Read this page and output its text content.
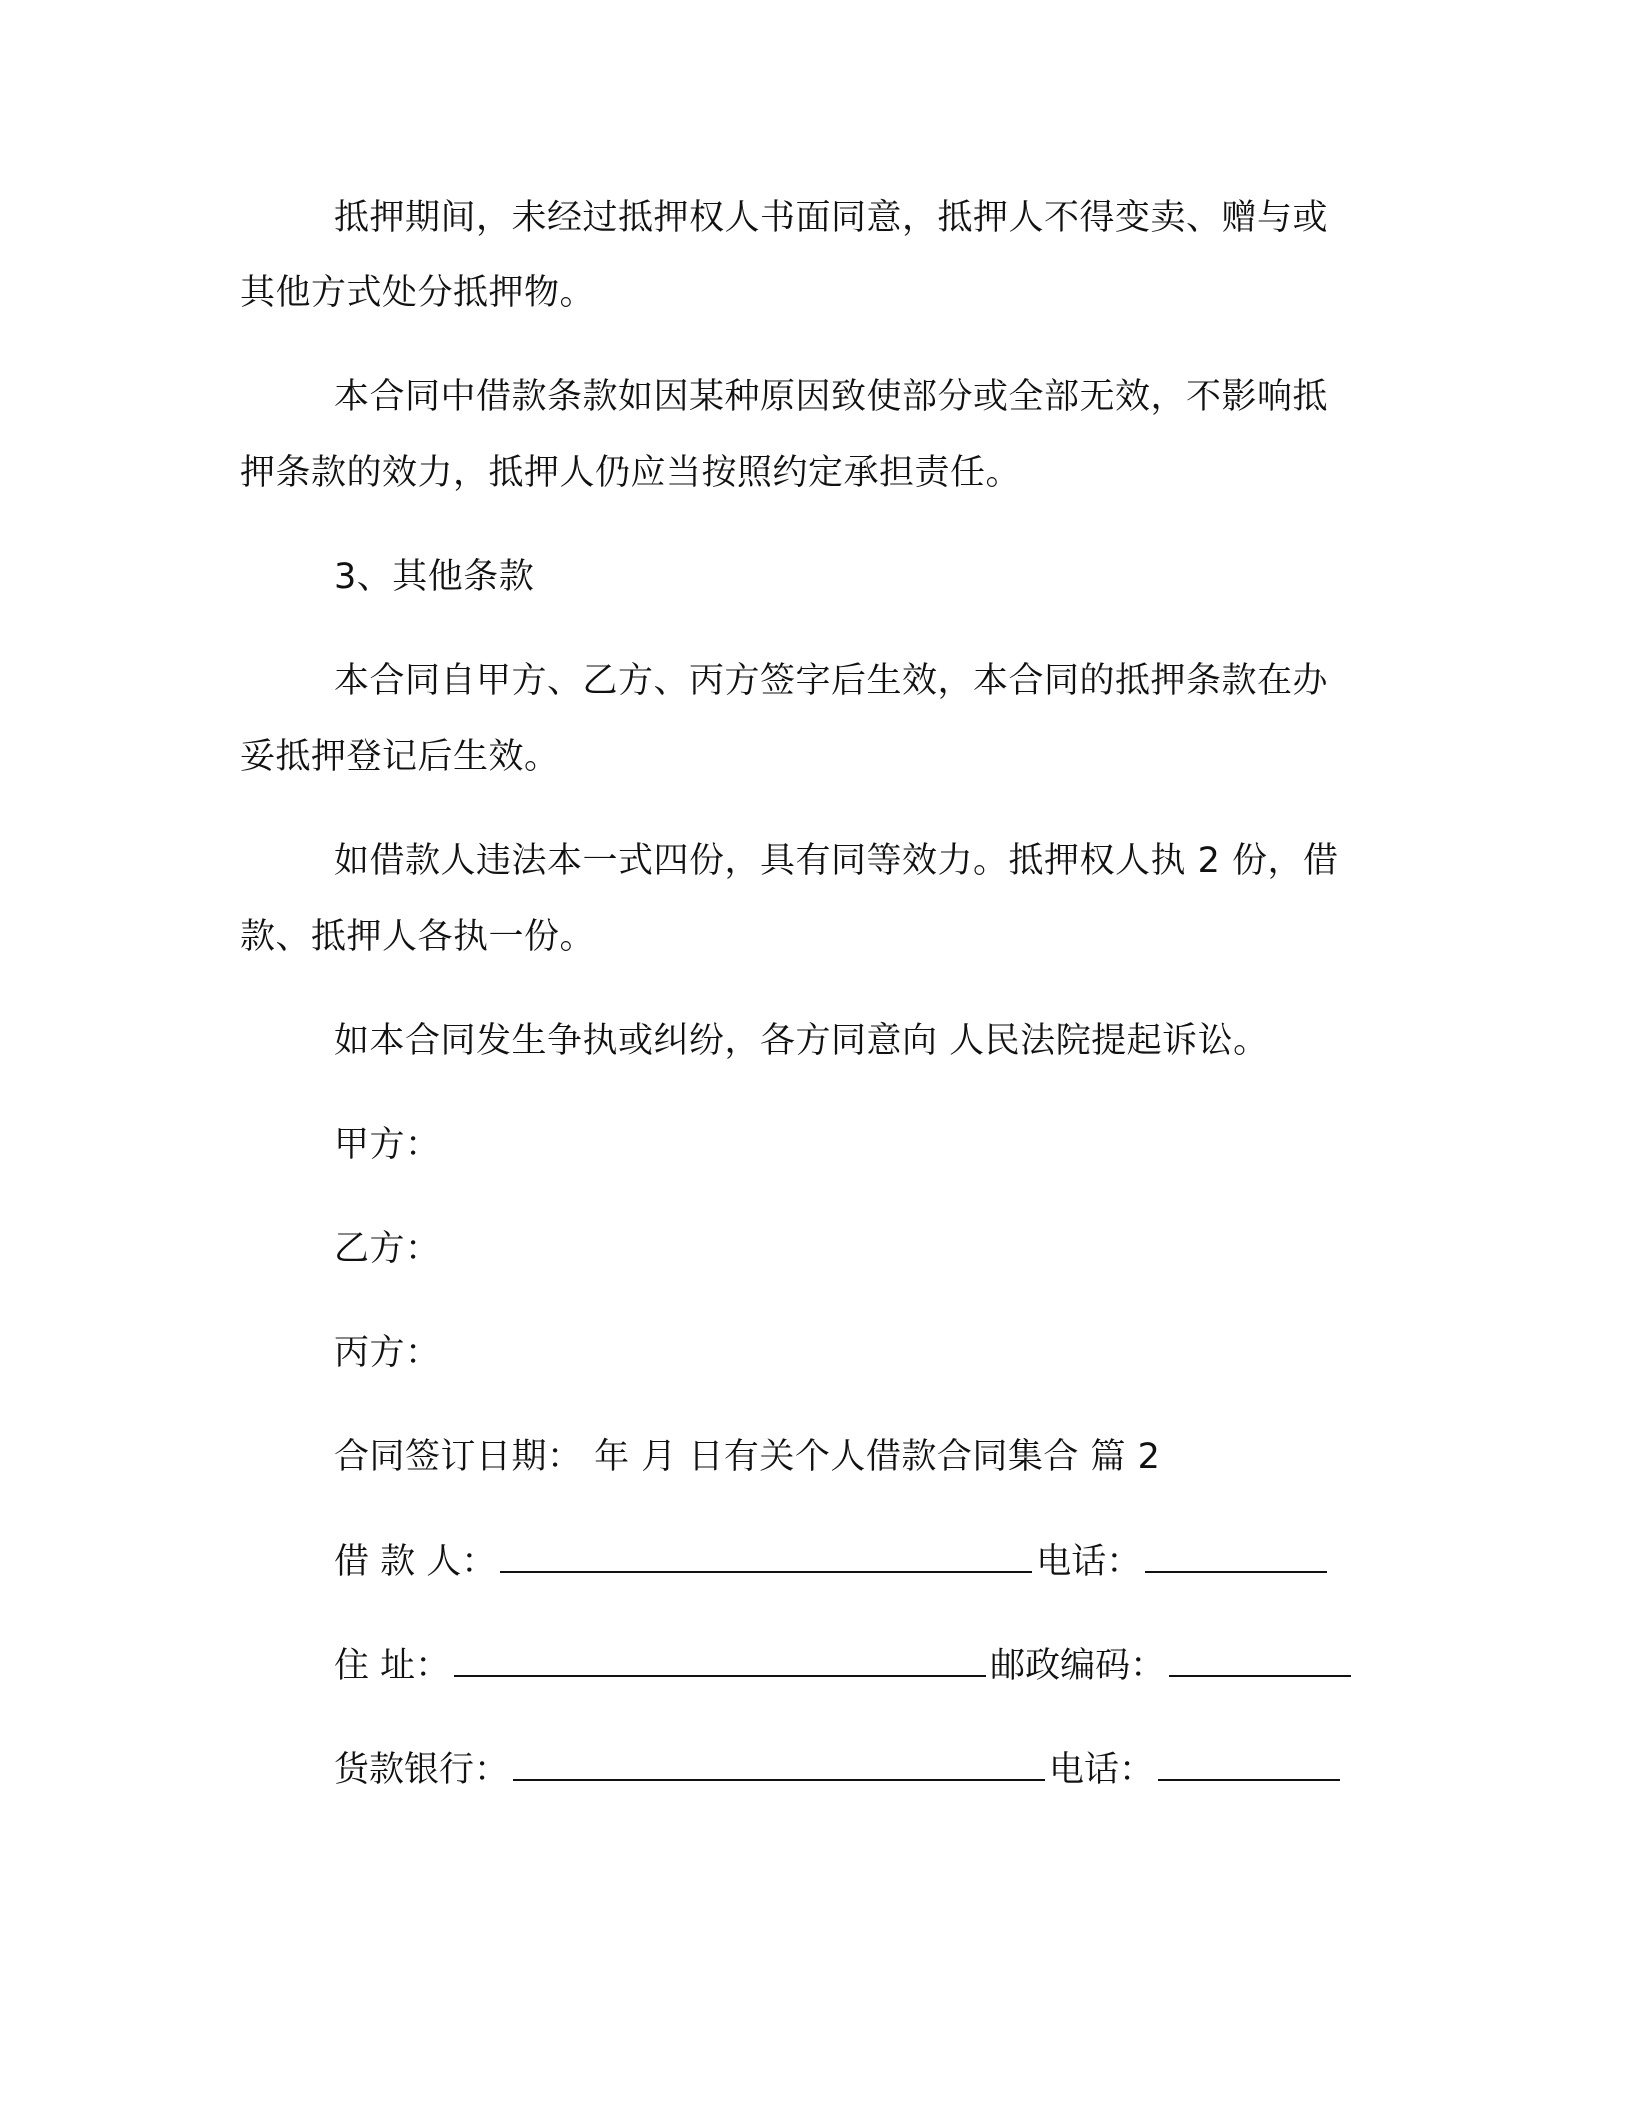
抵押期间，未经过抵押权人书面同意，抵押人不得变卖、赠与或
其他方式处分抵押物。
本合同中借款条款如因某种原因致使部分或全部无效，不影响抵
押条款的效力，抵押人仍应当按照约定承担责任。
3、其他条款
本合同自甲方、乙方、丙方签字后生效，本合同的抵押条款在办
妥抵押登记后生效。
如借款人违法本一式四份，具有同等效力。抵押权人执 2 份，借
款、抵押人各执一份。
如本合同发生争执或纠纷，各方同意向 人民法院提起诉讼。
甲方：
乙方：
丙方：
合同签订日期： 年 月 日有关个人借款合同集合 篇 2
借 款 人：	电话：
住 址：	邮政编码：
货款银行：	电话：
